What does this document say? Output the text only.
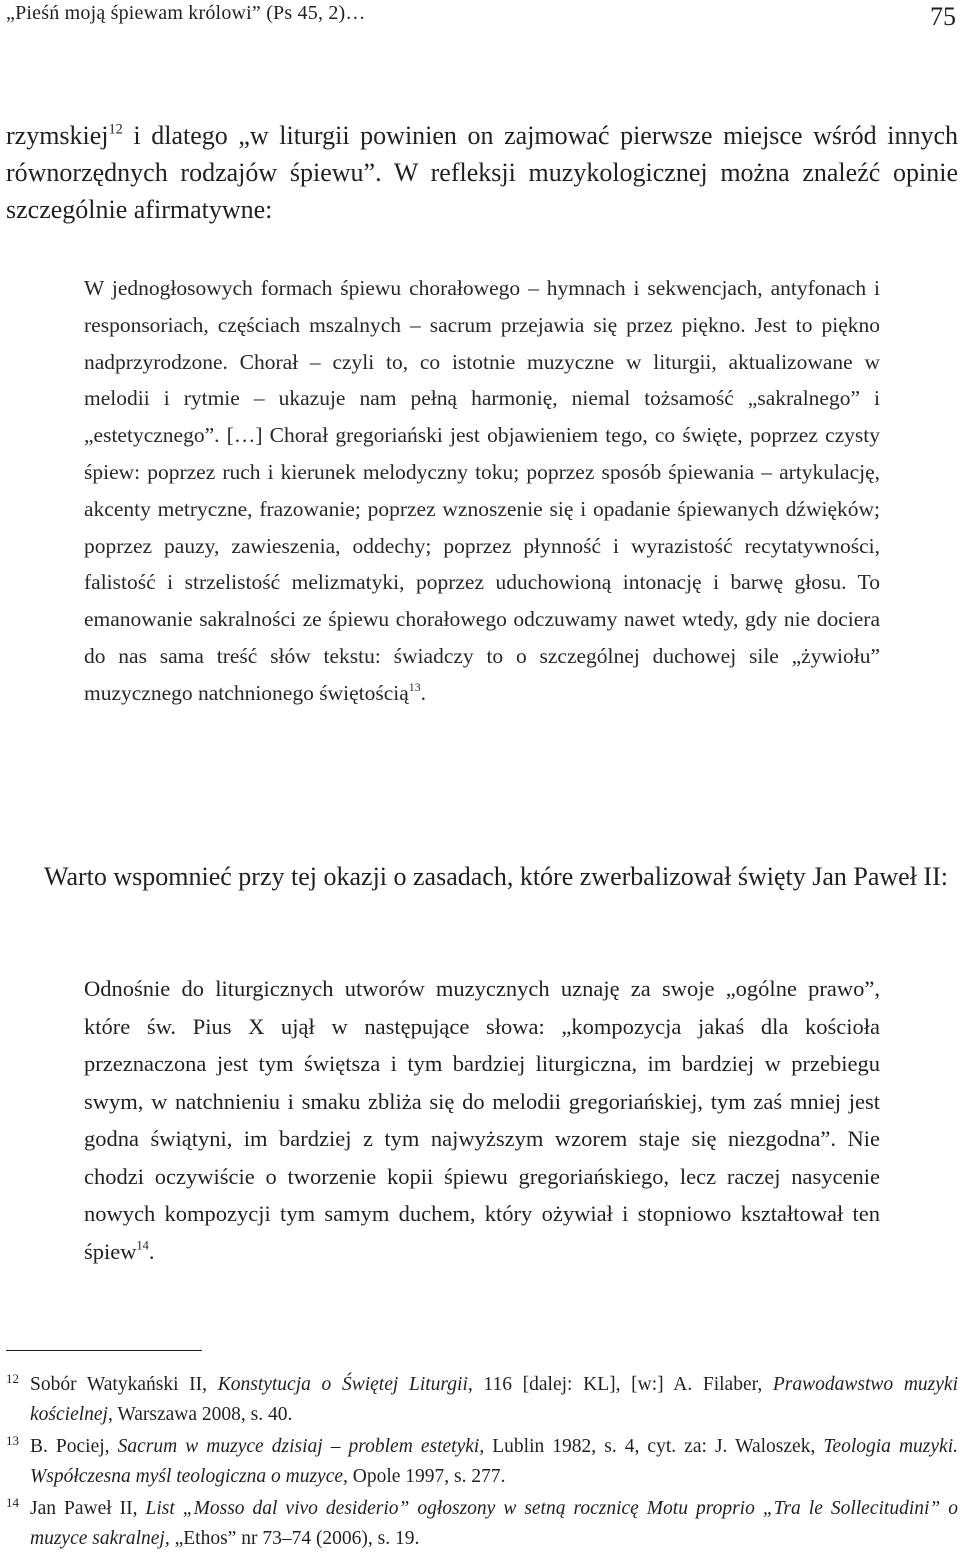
„Pieśń moją śpiewam królowi” (Ps 45, 2)…	75

rzymskiej$^{12}$ i dlatego „w liturgii powinien on zajmować pierwsze miejsce wśród innych równorzędnych rodzajów śpiewu”. W refleksji muzykologicznej można znaleźć opinie szczególnie afirmatywne:

W jednogłosowych formach śpiewu chorałowego – hymnach i sekwencjach, antyfonach i responsoriach, częściach mszalnych – sacrum przejawia się przez piękno. Jest to piękno nadprzyrodzone. Chorał – czyli to, co istotnie muzyczne w liturgii, aktualizowane w melodii i rytmie – ukazuje nam pełną harmonię, niemal tożsamość „sakralnego” i „estetycznego”. […] Chorał gregoriański jest objawieniem tego, co święte, poprzez czysty śpiew: poprzez ruch i kierunek melodyczny toku; poprzez sposób śpiewania – artykulację, akcenty metryczne, frazowanie; poprzez wznoszenie się i opadanie śpiewanych dźwięków; poprzez pauzy, zawieszenia, oddechy; poprzez płynność i wyrazistość recytatywności, falistość i strzelistość melizmatyki, poprzez uduchowioną intonację i barwę głosu. To emanowanie sakralności ze śpiewu chorałowego odczuwamy nawet wtedy, gdy nie dociera do nas sama treść słów tekstu: świadczy to o szczególnej duchowej sile „żywiołu” muzycznego natchnionego świętością$^{13}$.

Warto wspomnieć przy tej okazji o zasadach, które zwerbalizował święty Jan Paweł II:

Odnośnie do liturgicznych utworów muzycznych uznaję za swoje „ogólne prawo”, które św. Pius X ujął w następujące słowa: „kompozycja jakaś dla kościoła przeznaczona jest tym świętsza i tym bardziej liturgiczna, im bardziej w przebiegu swym, w natchnieniu i smaku zbliża się do melodii gregoriańskiej, tym zaś mniej jest godna świątyni, im bardziej z tym najwyższym wzorem staje się niezgodna”. Nie chodzi oczywiście o tworzenie kopii śpiewu gregoriańskiego, lecz raczej nasycenie nowych kompozycji tym samym duchem, który ożywiał i stopniowo kształtował ten śpiew$^{14}$.
12 Sobór Watykański II, Konstytucja o Świętej Liturgii, 116 [dalej: KL], [w:] A. Filaber, Prawodawstwo muzyki kościelnej, Warszawa 2008, s. 40.
13 B. Pociej, Sacrum w muzyce dzisiaj – problem estetyki, Lublin 1982, s. 4, cyt. za: J. Waloszek, Teologia muzyki. Współczesna myśl teologiczna o muzyce, Opole 1997, s. 277.
14 Jan Paweł II, List „Mosso dal vivo desiderio” ogłoszony w setną rocznicę Motu proprio „Tra le Sollecitudini” o muzyce sakralnej, „Ethos” nr 73–74 (2006), s. 19.
